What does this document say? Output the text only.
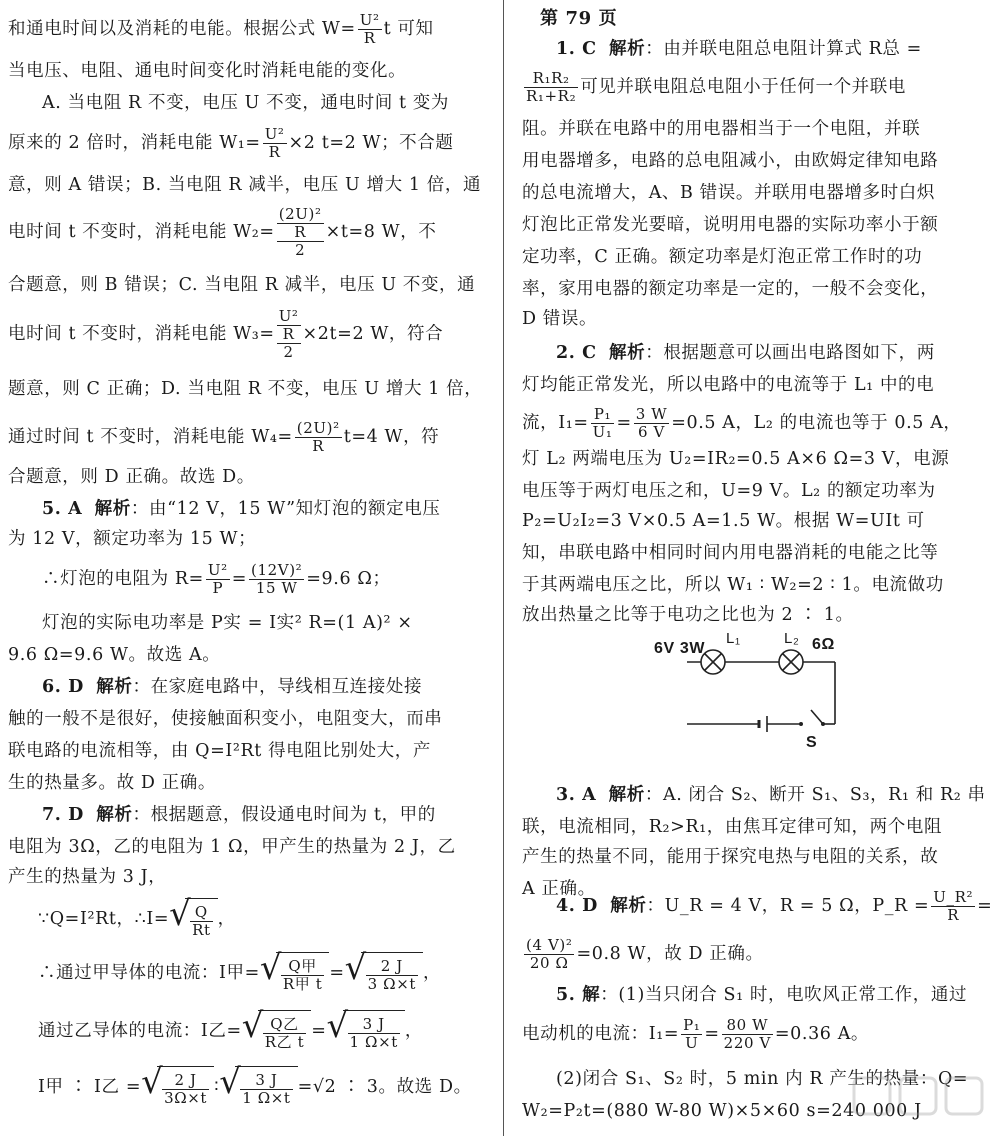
和通电时间以及消耗的电能。根据公式 $W= \frac{\text{U²}}{R}$ t 可知
当电压、电阻、通电时间变化时消耗电能的变化。
A. 当电阻 R 不变，电压 U 不变，通电时间 t 变为
原来的 2 倍时，消耗电能 $W_1= \frac{\text{U²}}{R} \times 2$ t=2 W；不合题
意，则 A 错误；B. 当电阻 R 减半，电压 U 增大 1 倍，通
电时间 t 不变时，消耗电能 W₂=
(2U)²
R
2
×t=8 W，不
合题意，则 B 错误；C. 当电阻 R 减半，电压 U 不变，通
电时间 t 不变时，消耗电能 W₃=
U²
R
2
×2t=2 W，符合
题意，则 C 正确；D. 当电阻 R 不变，电压 U 增大 1 倍，
通过时间 t 不变时，消耗电能 $W_4= \frac{\text{(2U)²}}{R} t=4$ W，符
合题意，则 D 正确。故选 D。
5. A 解析：由“12 V，15 W”知灯泡的额定电压
为 12 V，额定功率为 15 W；
∴灯泡的电阻为 $R= \frac{\text{U²}}{P} = \frac{\text{(12V)²}}{15 W} =9.6$ Ω；
灯泡的实际电功率是 P实 = I实² R=(1 A)² ×
9.6 Ω=9.6 W。故选 A。
6. D 解析：在家庭电路中，导线相互连接处接
触的一般不是很好，使接触面积变小，电阻变大，而串
联电路的电流相等，由 Q=I²Rt 得电阻比别处大，产
生的热量多。故 D 正确。
7. D 解析：根据题意，假设通电时间为 t，甲的
电阻为 3Ω，乙的电阻为 1 Ω，甲产生的热量为 2 J，乙
产生的热量为 3 J，
∵Q=I²Rt，∴I= √
$\frac{Q}{Rt}$ ，
∴通过甲导体的电流：I甲= √
$\frac{\text{Q甲}}{\text{R甲 t}}$ = √
$\frac{2 J}{3 \Omega\times t}$ ，
通过乙导体的电流：I乙= √
$\frac{\text{Q乙}}{\text{R乙 t}}$ = √
$\frac{3 J}{1 \Omega\times t}$ ，
I甲 ∶ I乙 = √
$\frac{2 J}{3\Omega\times t}$ ∶ √
$\frac{3 J}{1 \Omega\times t} =√2$ ∶ 3。故选 D。
第 79 页
1. C 解析：由并联电阻总电阻计算式 R总 =
$\frac{\text{R₁R₂}}{\text{R₁+R₂}}$ 可见并联电阻总电阻小于任何一个并联电
阻。并联在电路中的用电器相当于一个电阻，并联
用电器增多，电路的总电阻减小，由欧姆定律知电路
的总电流增大，A、B 错误。并联用电器增多时白炽
灯泡比正常发光要暗，说明用电器的实际功率小于额
定功率，C 正确。额定功率是灯泡正常工作时的功
率，家用电器的额定功率是一定的，一般不会变化，
D 错误。
2. C 解析：根据题意可以画出电路图如下，两
灯均能正常发光，所以电路中的电流等于 L₁ 中的电
流，$I_1= \frac{\text{P₁}}{\text{U₁}} = \frac{3 W}{6 V} =0.5$ A，L₂ 的电流也等于 0.5 A，
灯 L₂ 两端电压为 U₂=IR₂=0.5 A×6 Ω=3 V，电源
电压等于两灯电压之和，U=9 V。L₂ 的额定功率为
P₂=U₂I₂=3 V×0.5 A=1.5 W。根据 W=UIt 可
知，串联电路中相同时间内用电器消耗的电能之比等
于其两端电压之比，所以 W₁ ∶ W₂=2 ∶ 1。电流做功
放出热量之比等于电功之比也为 2 ∶ 1。
6V 3W
L₁	L₂ 6Ω
S
3. A 解析：A. 闭合 S₂、断开 S₁、S₃，R₁ 和 R₂ 串
联，电流相同，R₂>R₁，由焦耳定律可知，两个电阻
产生的热量不同，能用于探究电热与电阻的关系，故
A 正确。
4. D 解析：U_R = 4 V，R = 5 Ω，P_R = $\frac{\text{U\_R²}}{R}$ =
$\frac{\text{(4 V)²}}{20 \Omega} =0.8$ W，故 D 正确。
5. 解：(1)当只闭合 S₁ 时，电吹风正常工作，通过
电动机的电流：$I_1= \frac{\text{P₁}}{U} = \frac{80 W}{220 V} =0.36$ A。
(2)闭合 S₁、S₂ 时，5 min 内 R 产生的热量：Q=
W₂=P₂t=(880 W-80 W)×5×60 s=240 000 J
